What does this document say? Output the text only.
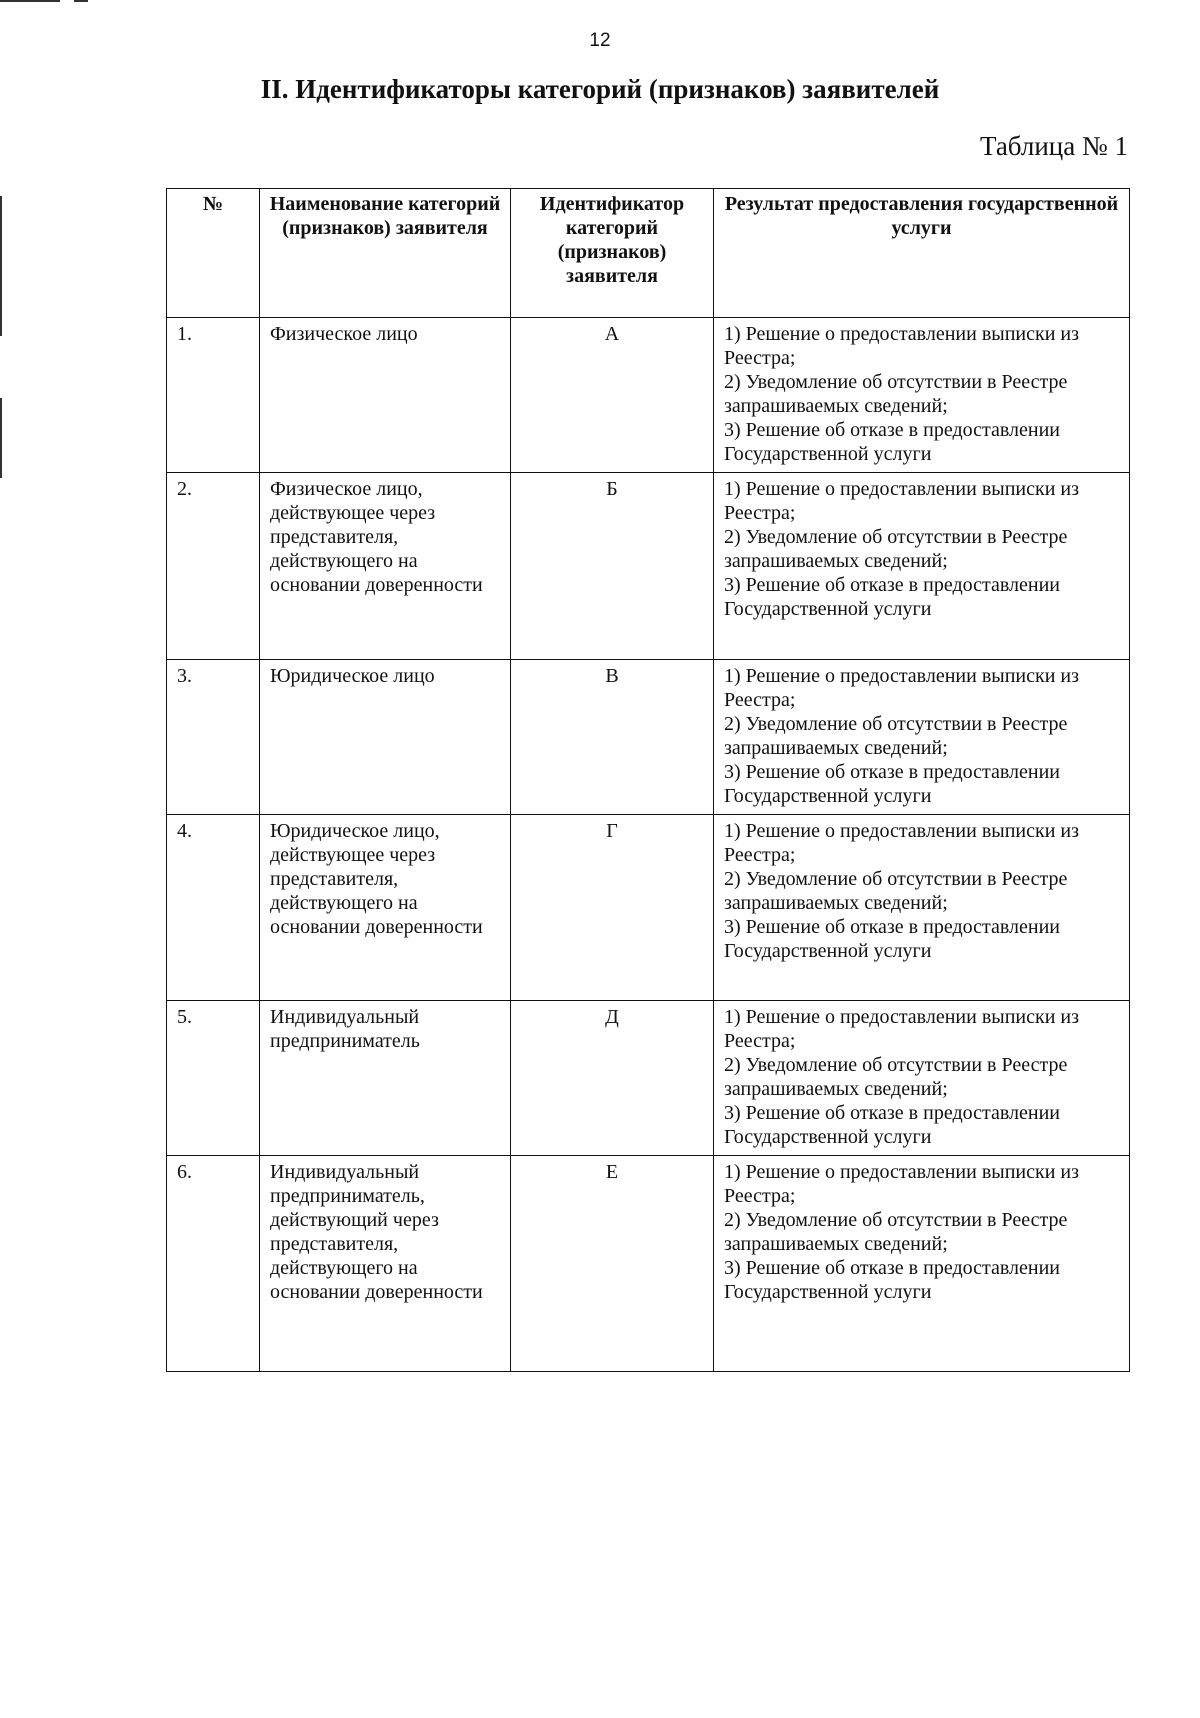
12
II. Идентификаторы категорий (признаков) заявителей
Таблица № 1
№	Наименование категорий (признаков) заявителя	Идентификатор категорий (признаков) заявителя	Результат предоставления государственной услуги
1.	Физическое лицо	А	1) Решение о предоставлении выписки из Реестра;
2) Уведомление об отсутствии в Реестре запрашиваемых сведений;
3) Решение об отказе в предоставлении Государственной услуги

2.	Физическое лицо, действующее через представителя, действующего на основании доверенности	Б	1) Решение о предоставлении выписки из Реестра;
2) Уведомление об отсутствии в Реестре запрашиваемых сведений;
3) Решение об отказе в предоставлении Государственной услуги

3.	Юридическое лицо	В	1) Решение о предоставлении выписки из Реестра;
2) Уведомление об отсутствии в Реестре запрашиваемых сведений;
3) Решение об отказе в предоставлении Государственной услуги

4.	Юридическое лицо, действующее через представителя, действующего на основании доверенности	Г	1) Решение о предоставлении выписки из Реестра;
2) Уведомление об отсутствии в Реестре запрашиваемых сведений;
3) Решение об отказе в предоставлении Государственной услуги

5.	Индивидуальный предприниматель	Д	1) Решение о предоставлении выписки из Реестра;
2) Уведомление об отсутствии в Реестре запрашиваемых сведений;
3) Решение об отказе в предоставлении Государственной услуги

6.	Индивидуальный предприниматель, действующий через представителя, действующего на основании доверенности	Е	1) Решение о предоставлении выписки из Реестра;
2) Уведомление об отсутствии в Реестре запрашиваемых сведений;
3) Решение об отказе в предоставлении Государственной услуги
